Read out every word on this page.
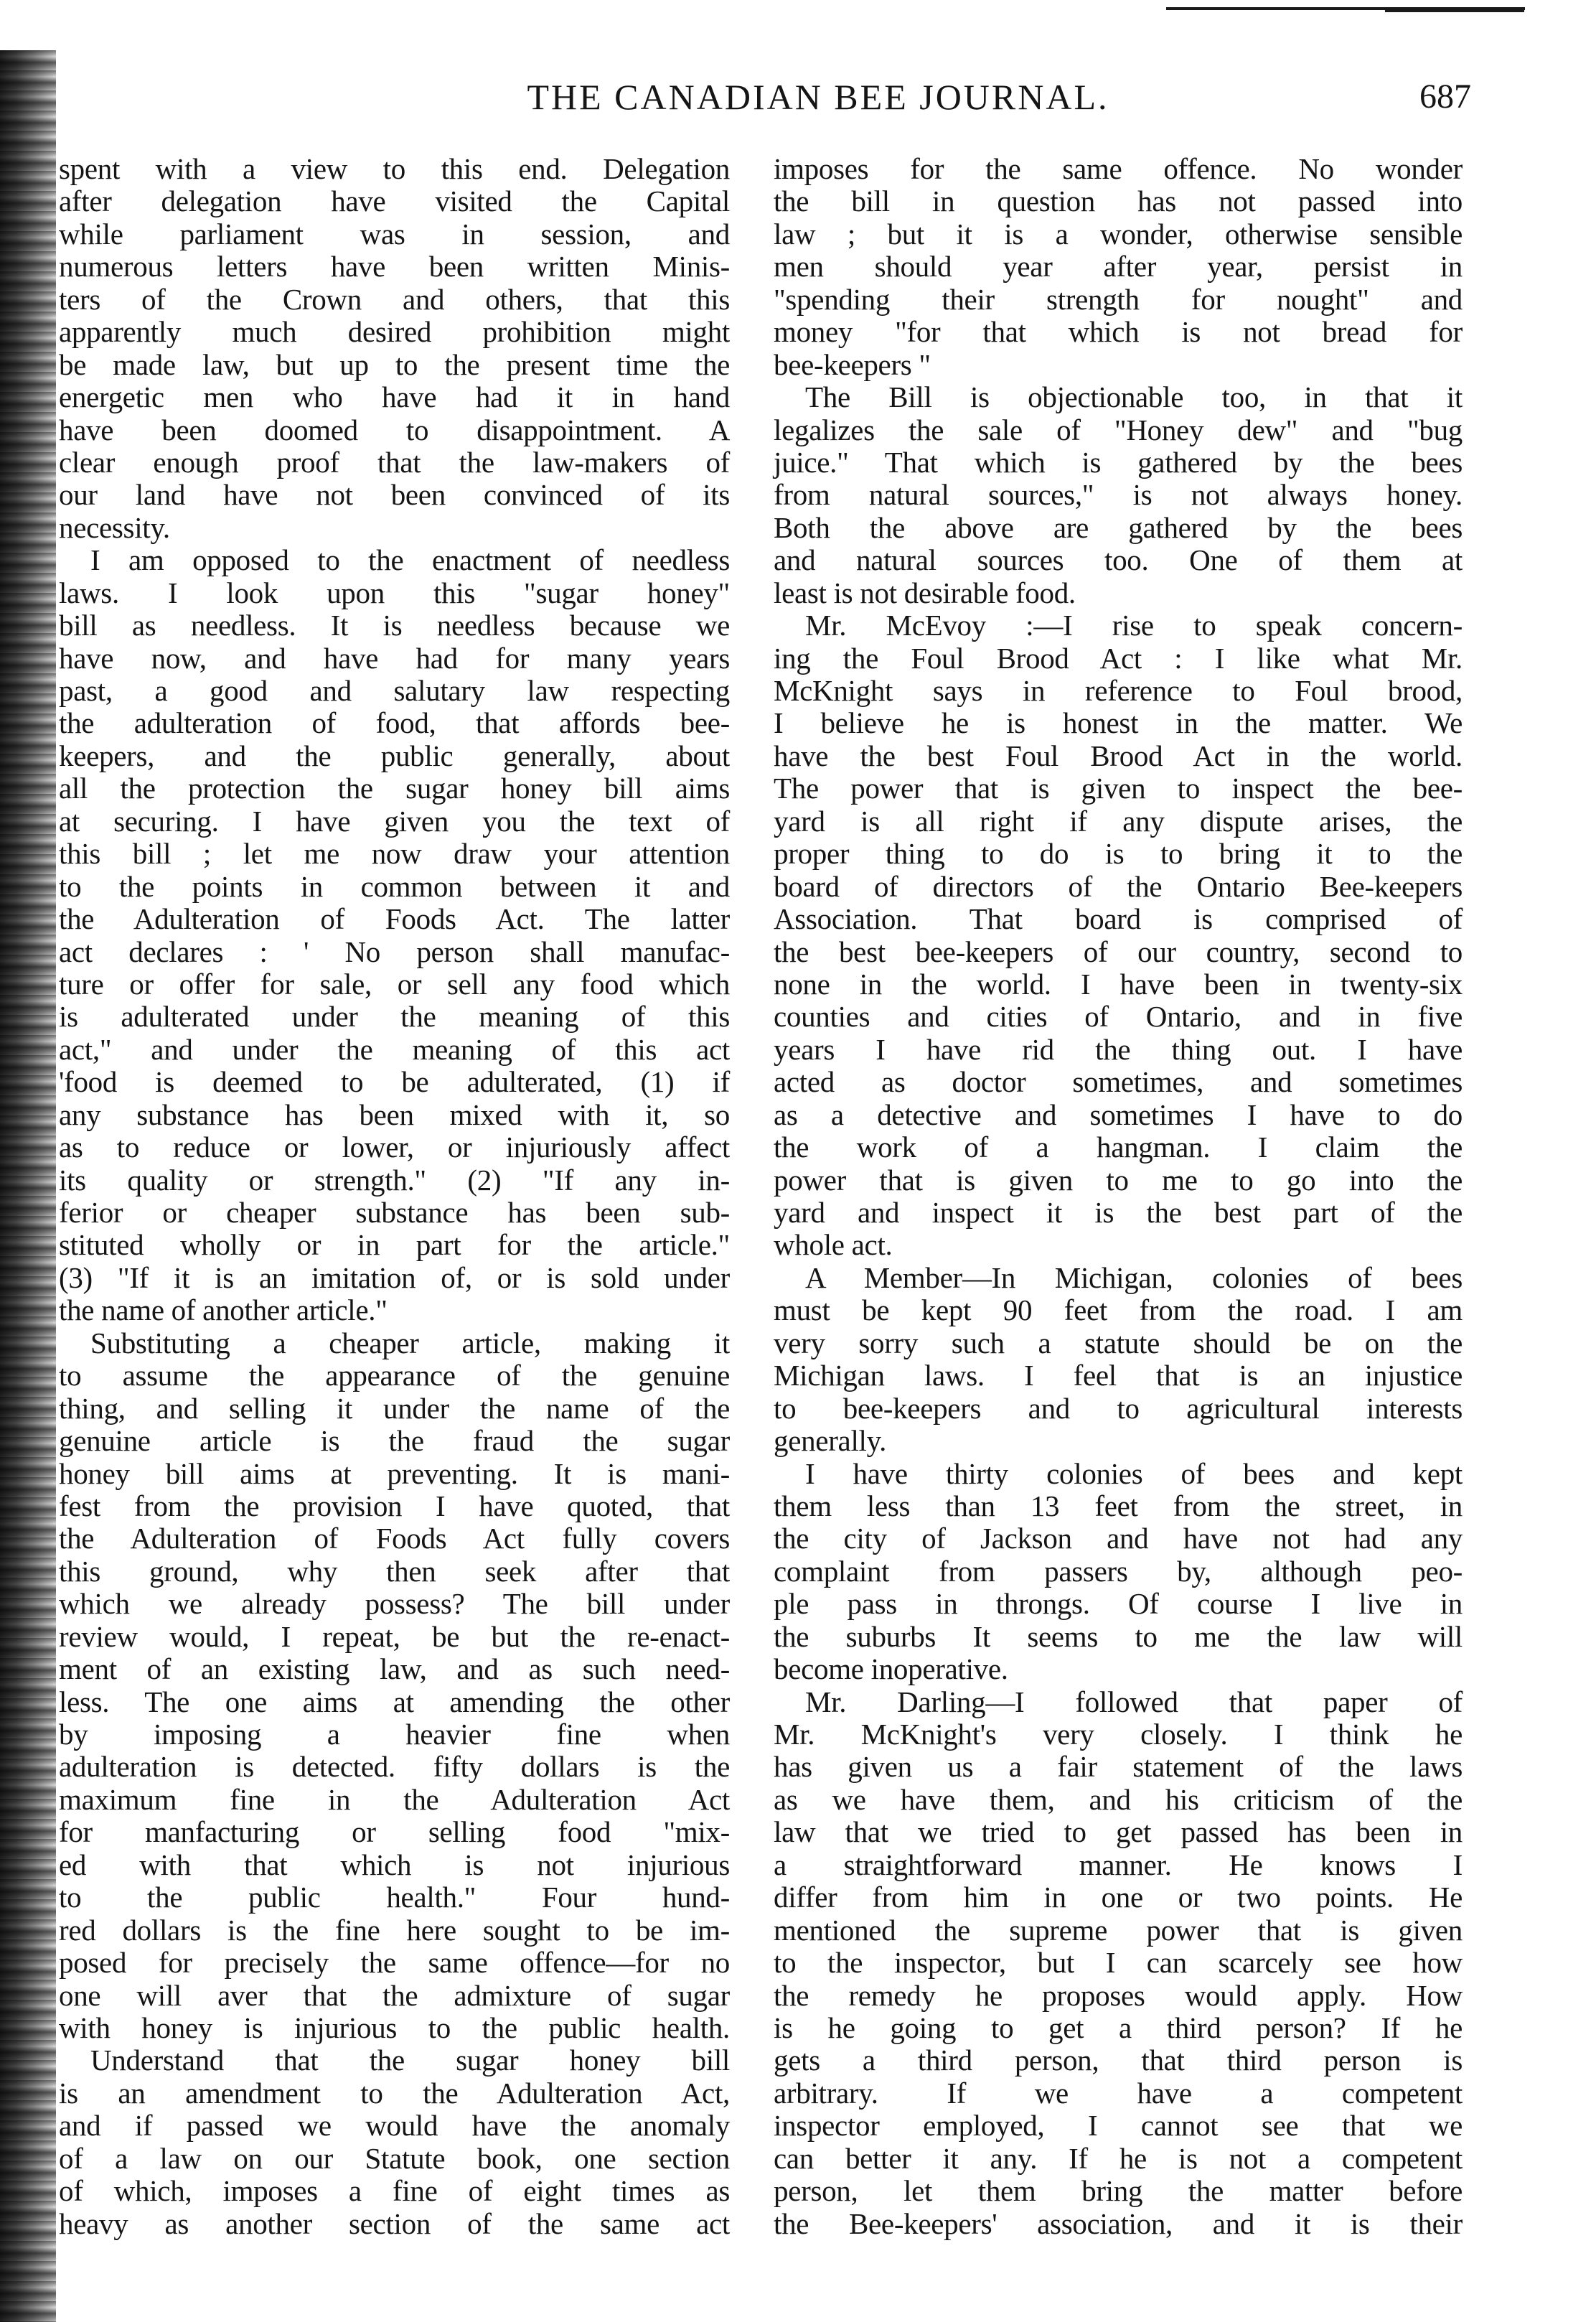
THE CANADIAN BEE JOURNAL.	687
spent with a view to this end. Delegation
after delegation have visited the Capital
while parliament was in session, and
numerous letters have been written Minis-
ters of the Crown and others, that this
apparently much desired prohibition might
be made law, but up to the present time the
energetic men who have had it in hand
have been doomed to disappointment. A
clear enough proof that the law-makers of
our land have not been convinced of its
necessity.
I am opposed to the enactment of needless
laws. I look upon this "sugar honey"
bill as needless. It is needless because we
have now, and have had for many years
past, a good and salutary law respecting
the adulteration of food, that affords bee-
keepers, and the public generally, about
all the protection the sugar honey bill aims
at securing. I have given you the text of
this bill ; let me now draw your attention
to the points in common between it and
the Adulteration of Foods Act. The latter
act declares : ' No person shall manufac-
ture or offer for sale, or sell any food which
is adulterated under the meaning of this
act," and under the meaning of this act
'food is deemed to be adulterated, (1) if
any substance has been mixed with it, so
as to reduce or lower, or injuriously affect
its quality or strength." (2) "If any in-
ferior or cheaper substance has been sub-
stituted wholly or in part for the article."
(3) "If it is an imitation of, or is sold under
the name of another article."
Substituting a cheaper article, making it
to assume the appearance of the genuine
thing, and selling it under the name of the
genuine article is the fraud the sugar
honey bill aims at preventing. It is mani-
fest from the provision I have quoted, that
the Adulteration of Foods Act fully covers
this ground, why then seek after that
which we already possess? The bill under
review would, I repeat, be but the re-enact-
ment of an existing law, and as such need-
less. The one aims at amending the other
by imposing a heavier fine when
adulteration is detected. fifty dollars is the
maximum fine in the Adulteration Act
for manfacturing or selling food "mix-
ed with that which is not injurious
to the public health." Four hund-
red dollars is the fine here sought to be im-
posed for precisely the same offence—for no
one will aver that the admixture of sugar
with honey is injurious to the public health.
Understand that the sugar honey bill
is an amendment to the Adulteration Act,
and if passed we would have the anomaly
of a law on our Statute book, one section
of which, imposes a fine of eight times as
heavy as another section of the same act
imposes for the same offence. No wonder
the bill in question has not passed into
law ; but it is a wonder, otherwise sensible
men should year after year, persist in
"spending their strength for nought" and
money "for that which is not bread for
bee-keepers "
The Bill is objectionable too, in that it
legalizes the sale of "Honey dew" and "bug
juice." That which is gathered by the bees
from natural sources," is not always honey.
Both the above are gathered by the bees
and natural sources too. One of them at
least is not desirable food.
Mr. McEvoy :—I rise to speak concern-
ing the Foul Brood Act : I like what Mr.
McKnight says in reference to Foul brood,
I believe he is honest in the matter. We
have the best Foul Brood Act in the world.
The power that is given to inspect the bee-
yard is all right if any dispute arises, the
proper thing to do is to bring it to the
board of directors of the Ontario Bee-keepers
Association. That board is comprised of
the best bee-keepers of our country, second to
none in the world. I have been in twenty-six
counties and cities of Ontario, and in five
years I have rid the thing out. I have
acted as doctor sometimes, and sometimes
as a detective and sometimes I have to do
the work of a hangman. I claim the
power that is given to me to go into the
yard and inspect it is the best part of the
whole act.
A Member—In Michigan, colonies of bees
must be kept 90 feet from the road. I am
very sorry such a statute should be on the
Michigan laws. I feel that is an injustice
to bee-keepers and to agricultural interests
generally.
I have thirty colonies of bees and kept
them less than 13 feet from the street, in
the city of Jackson and have not had any
complaint from passers by, although peo-
ple pass in throngs. Of course I live in
the suburbs It seems to me the law will
become inoperative.
Mr. Darling—I followed that paper of
Mr. McKnight's very closely. I think he
has given us a fair statement of the laws
as we have them, and his criticism of the
law that we tried to get passed has been in
a straightforward manner. He knows I
differ from him in one or two points. He
mentioned the supreme power that is given
to the inspector, but I can scarcely see how
the remedy he proposes would apply. How
is he going to get a third person? If he
gets a third person, that third person is
arbitrary. If we have a competent
inspector employed, I cannot see that we
can better it any. If he is not a competent
person, let them bring the matter before
the Bee-keepers' association, and it is their
